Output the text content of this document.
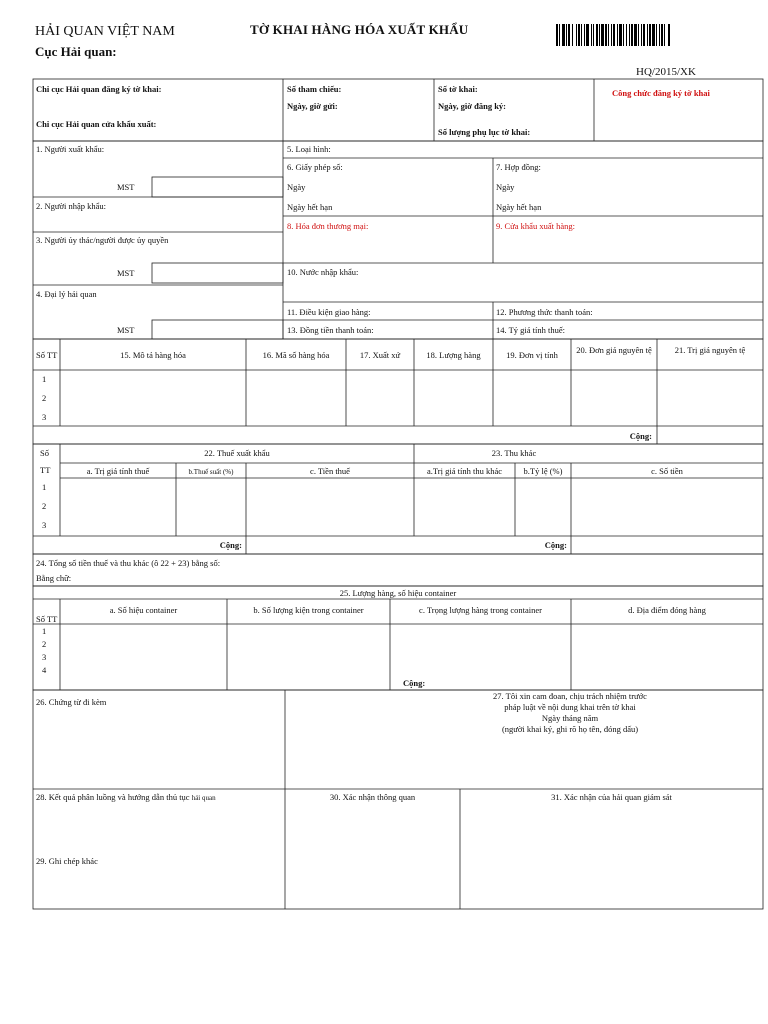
HẢI QUAN VIỆT NAM
Cục Hải quan:
TỜ KHAI HÀNG HÓA XUẤT KHẨU
HQ/2015/XK
Chi cục Hải quan đăng ký tờ khai:
Chi cục Hải quan cửa khẩu xuất:
Số tham chiếu:
Ngày, giờ gửi:
Số tờ khai:
Ngày, giờ đăng ký:
Số lượng phụ lục tờ khai:
Công chức đăng ký tờ khai
1. Người xuất khẩu:
MST
2. Người nhập khẩu:
3. Người ủy thác/người được ủy quyền
MST
4. Đại lý hải quan
MST
5. Loại hình:
6. Giấy phép số:
Ngày
Ngày hết hạn
7. Hợp đồng:
Ngày
Ngày hết hạn
8. Hóa đơn thương mại:	9. Cửa khẩu xuất hàng:
10. Nước nhập khẩu:
11. Điều kiện giao hàng:	12. Phương thức thanh toán:
13. Đồng tiền thanh toán:	14. Tỷ giá tính thuế:
Số TT	15. Mô tả hàng hóa	16. Mã số hàng hóa	17. Xuất xứ	18. Lượng hàng	19. Đơn vị tính	20. Đơn giá nguyên tệ	21. Trị giá nguyên tệ
1
2
3
Cộng:
Số
TT
22. Thuế xuất khẩu	23. Thu khác
a. Trị giá tính thuế	b.Thuế suất (%)	c. Tiền thuế	a.Trị giá tính thu khác	b.Tỷ lệ (%)	c. Số tiền
1
2
3
Cộng:	Cộng:
24. Tổng số tiền thuế và thu khác (ô 22 + 23) bằng số:
Bằng chữ:
25. Lượng hàng, số hiệu container
Số TT
a. Số hiệu container	b. Số lượng kiện trong container	c. Trọng lượng hàng trong container	d. Địa điểm đóng hàng
1
2
3
4
Cộng:
26. Chứng từ đi kèm
27. Tôi xin cam đoan, chịu trách nhiệm trước
pháp luật về nội dung khai trên tờ khai
Ngày tháng năm
(người khai ký, ghi rõ họ tên, đóng dấu)
28. Kết quả phân luồng và hướng dẫn thủ tục hải quan
29. Ghi chép khác
30. Xác nhận thông quan	31. Xác nhận của hải quan giám sát
